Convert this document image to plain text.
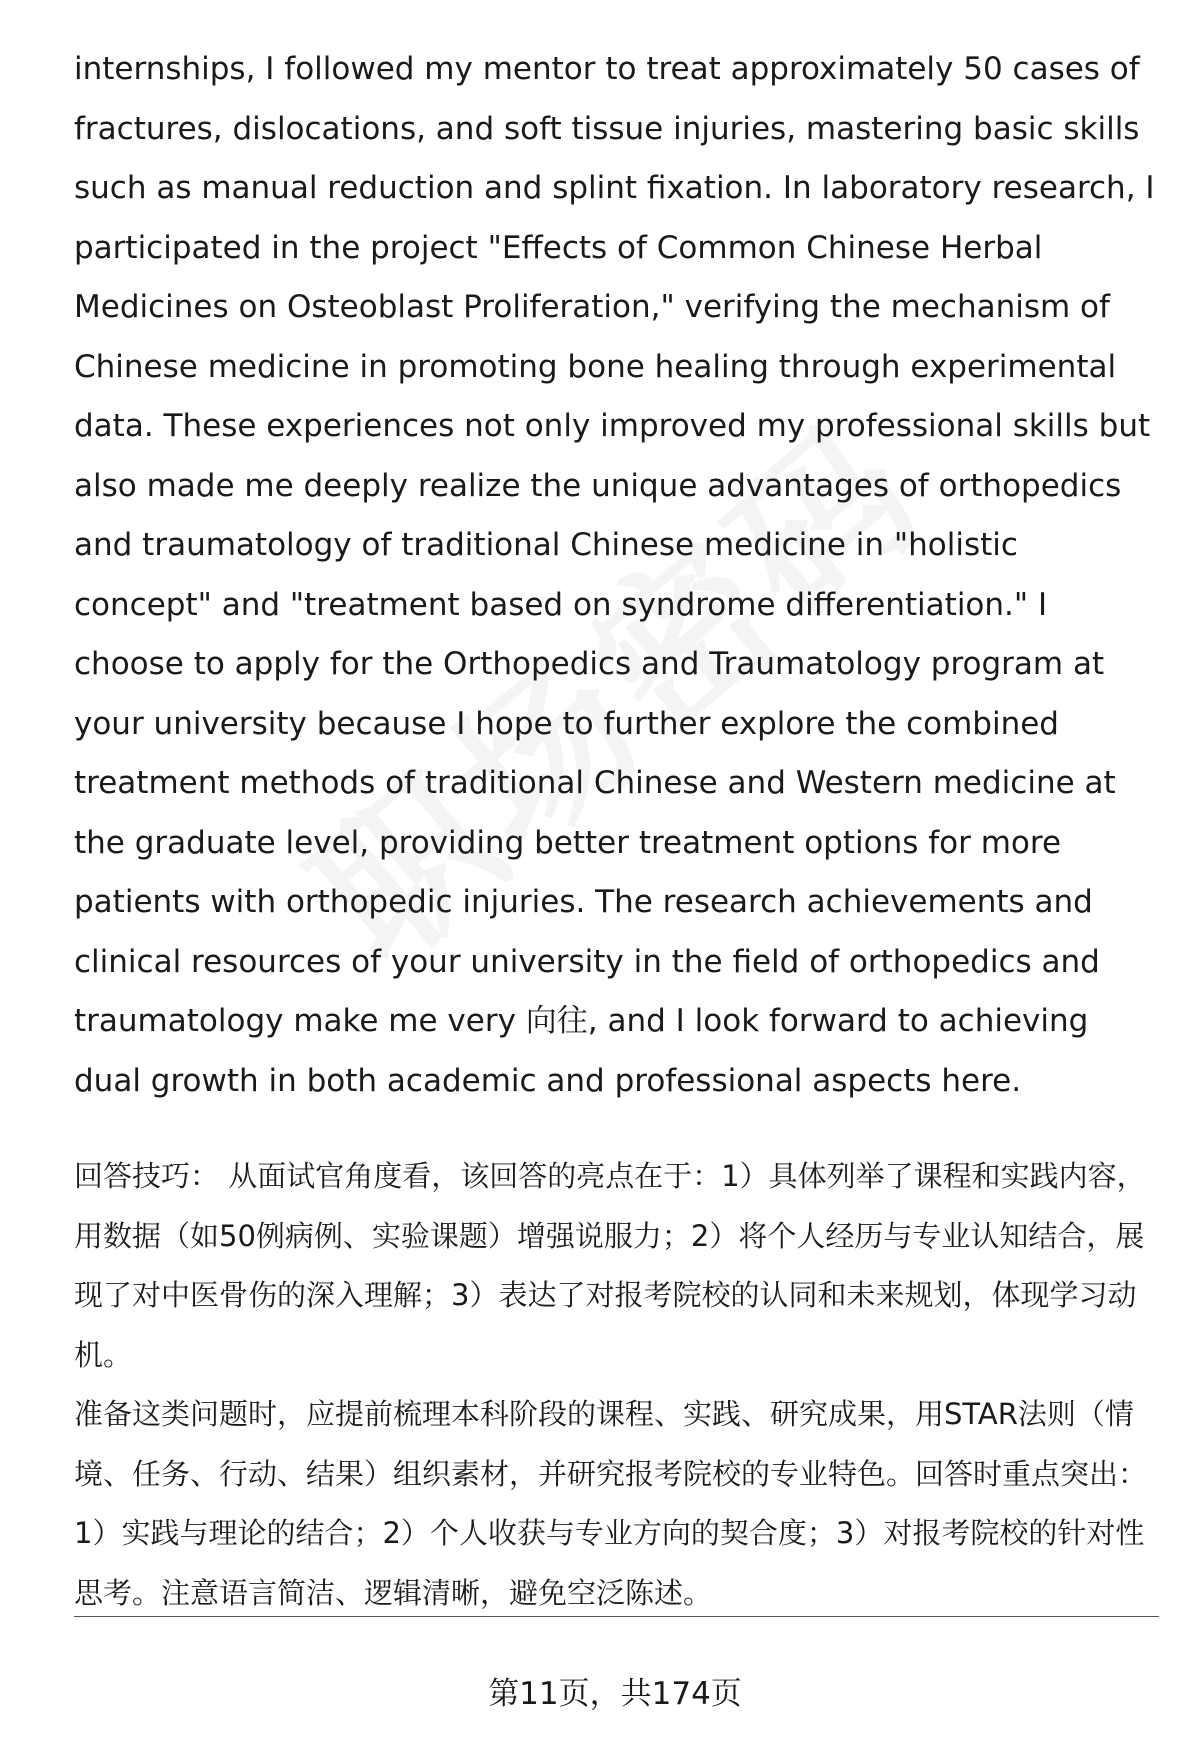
internships, I followed my mentor to treat approximately 50 cases of fractures, dislocations, and soft tissue injuries, mastering basic skills such as manual reduction and splint fixation. In laboratory research, I participated in the project "Effects of Common Chinese Herbal Medicines on Osteoblast Proliferation," verifying the mechanism of Chinese medicine in promoting bone healing through experimental data. These experiences not only improved my professional skills but also made me deeply realize the unique advantages of orthopedics and traumatology of traditional Chinese medicine in "holistic concept" and "treatment based on syndrome differentiation." I choose to apply for the Orthopedics and Traumatology program at your university because I hope to further explore the combined treatment methods of traditional Chinese and Western medicine at the graduate level, providing better treatment options for more patients with orthopedic injuries. The research achievements and clinical resources of your university in the field of orthopedics and traumatology make me very 向往, and I look forward to achieving dual growth in both academic and professional aspects here.

回答技巧： 从面试官角度看，该回答的亮点在于：1）具体列举了课程和实践内容，用数据（如50例病例、实验课题）增强说服力；2）将个人经历与专业认知结合，展现了对中医骨伤的深入理解；3）表达了对报考院校的认同和未来规划，体现学习动机。

准备这类问题时，应提前梳理本科阶段的课程、实践、研究成果，用STAR法则（情境、任务、行动、结果）组织素材，并研究报考院校的专业特色。回答时重点突出：1）实践与理论的结合；2）个人收获与专业方向的契合度；3）对报考院校的针对性思考。注意语言简洁、逻辑清晰，避免空泛陈述。

第11页，共174页
